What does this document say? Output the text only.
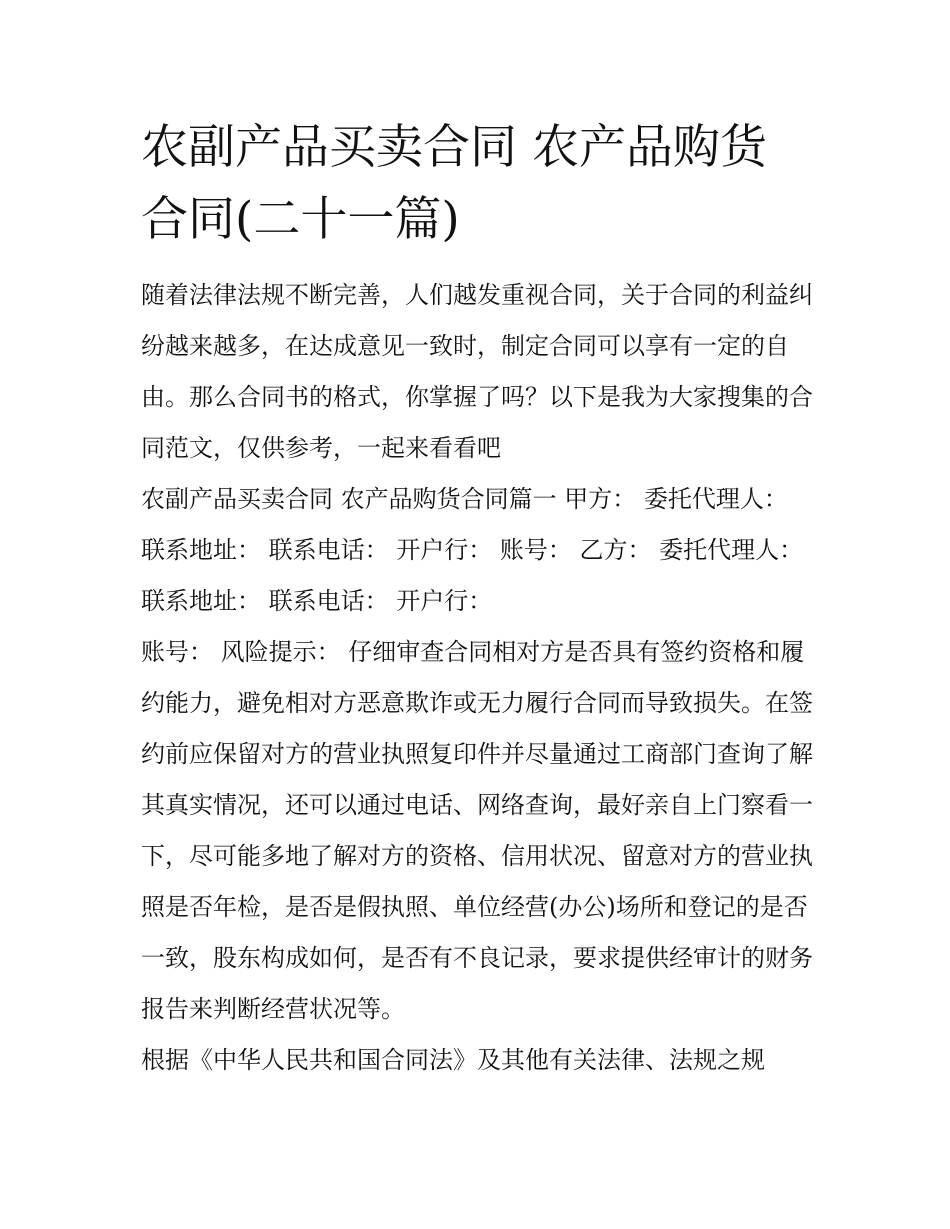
农副产品买卖合同 农产品购货合同(二十一篇)

随着法律法规不断完善，人们越发重视合同，关于合同的利益纠纷越来越多，在达成意见一致时，制定合同可以享有一定的自由。那么合同书的格式，你掌握了吗？以下是我为大家搜集的合同范文，仅供参考，一起来看看吧

农副产品买卖合同 农产品购货合同篇一 甲方： 委托代理人： 联系地址： 联系电话： 开户行： 账号： 乙方： 委托代理人： 联系地址： 联系电话： 开户行：

账号： 风险提示： 仔细审查合同相对方是否具有签约资格和履约能力，避免相对方恶意欺诈或无力履行合同而导致损失。在签约前应保留对方的营业执照复印件并尽量通过工商部门查询了解其真实情况，还可以通过电话、网络查询，最好亲自上门察看一下，尽可能多地了解对方的资格、信用状况、留意对方的营业执照是否年检，是否是假执照、单位经营(办公)场所和登记的是否一致，股东构成如何，是否有不良记录，要求提供经审计的财务报告来判断经营状况等。

根据《中华人民共和国合同法》及其他有关法律、法规之规
